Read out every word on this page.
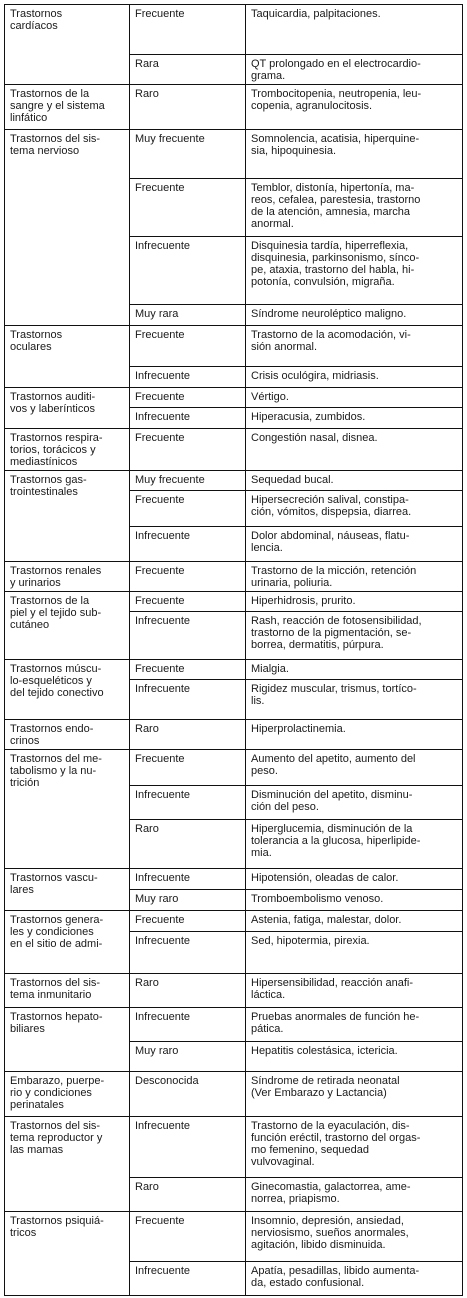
Trastornos
cardíacos	Frecuente	Taquicardia, palpitaciones.
	Rara	QT prolongado en el electrocardio-
grama.
Trastornos de la
sangre y el sistema
linfático	Raro	Trombocitopenia, neutropenia, leu-
copenia, agranulocitosis.
Trastornos del sis-
tema nervioso	Muy frecuente	Somnolencia, acatisia, hiperquine-
sia, hipoquinesia.
	Frecuente	Temblor, distonía, hipertonía, ma-
reos, cefalea, parestesia, trastorno
de la atención, amnesia, marcha
anormal.
	Infrecuente	Disquinesia tardía, hiperreflexia,
disquinesia, parkinsonismo, sínco-
pe, ataxia, trastorno del habla, hi-
potonía, convulsión, migraña.
	Muy rara	Síndrome neuroléptico maligno.
Trastornos
oculares	Frecuente	Trastorno de la acomodación, vi-
sión anormal.
	Infrecuente	Crisis oculógira, midriasis.
Trastornos auditi-
vos y laberínticos	Frecuente	Vértigo.
	Infrecuente	Hiperacusia, zumbidos.
Trastornos respira-
torios, torácicos y
mediastínicos	Frecuente	Congestión nasal, disnea.
Trastornos gas-
trointestinales	Muy frecuente	Sequedad bucal.
	Frecuente	Hipersecreción salival, constipa-
ción, vómitos, dispepsia, diarrea.
	Infrecuente	Dolor abdominal, náuseas, flatu-
lencia.
Trastornos renales
y urinarios	Frecuente	Trastorno de la micción, retención
urinaria, poliuria.
Trastornos de la
piel y el tejido sub-
cutáneo	Frecuente	Hiperhidrosis, prurito.
	Infrecuente	Rash, reacción de fotosensibilidad,
trastorno de la pigmentación, se-
borrea, dermatitis, púrpura.
Trastornos múscu-
lo-esqueléticos y
del tejido conectivo	Frecuente	Mialgia.
	Infrecuente	Rigidez muscular, trismus, tortíco-
lis.
Trastornos endo-
crinos	Raro	Hiperprolactinemia.
Trastornos del me-
tabolismo y la nu-
trición	Frecuente	Aumento del apetito, aumento del
peso.
	Infrecuente	Disminución del apetito, disminu-
ción del peso.
	Raro	Hiperglucemia, disminución de la
tolerancia a la glucosa, hiperlipide-
mia.
Trastornos vascu-
lares	Infrecuente	Hipotensión, oleadas de calor.
	Muy raro	Tromboembolismo venoso.
Trastornos genera-
les y condiciones
en el sitio de admi-	Frecuente	Astenia, fatiga, malestar, dolor.
	Infrecuente	Sed, hipotermia, pirexia.
Trastornos del sis-
tema inmunitario	Raro	Hipersensibilidad, reacción anafi-
láctica.
Trastornos hepato-
biliares	Infrecuente	Pruebas anormales de función he-
pática.
	Muy raro	Hepatitis colestásica, ictericia.
Embarazo, puerpe-
rio y condiciones
perinatales	Desconocida	Síndrome de retirada neonatal
(Ver Embarazo y Lactancia)
Trastornos del sis-
tema reproductor y
las mamas	Infrecuente	Trastorno de la eyaculación, dis-
función eréctil, trastorno del orgas-
mo femenino, sequedad
vulvovaginal.
	Raro	Ginecomastia, galactorrea, ame-
norrea, priapismo.
Trastornos psiquiá-
tricos	Frecuente	Insomnio, depresión, ansiedad,
nerviosismo, sueños anormales,
agitación, libido disminuida.
	Infrecuente	Apatía, pesadillas, libido aumenta-
da, estado confusional.
